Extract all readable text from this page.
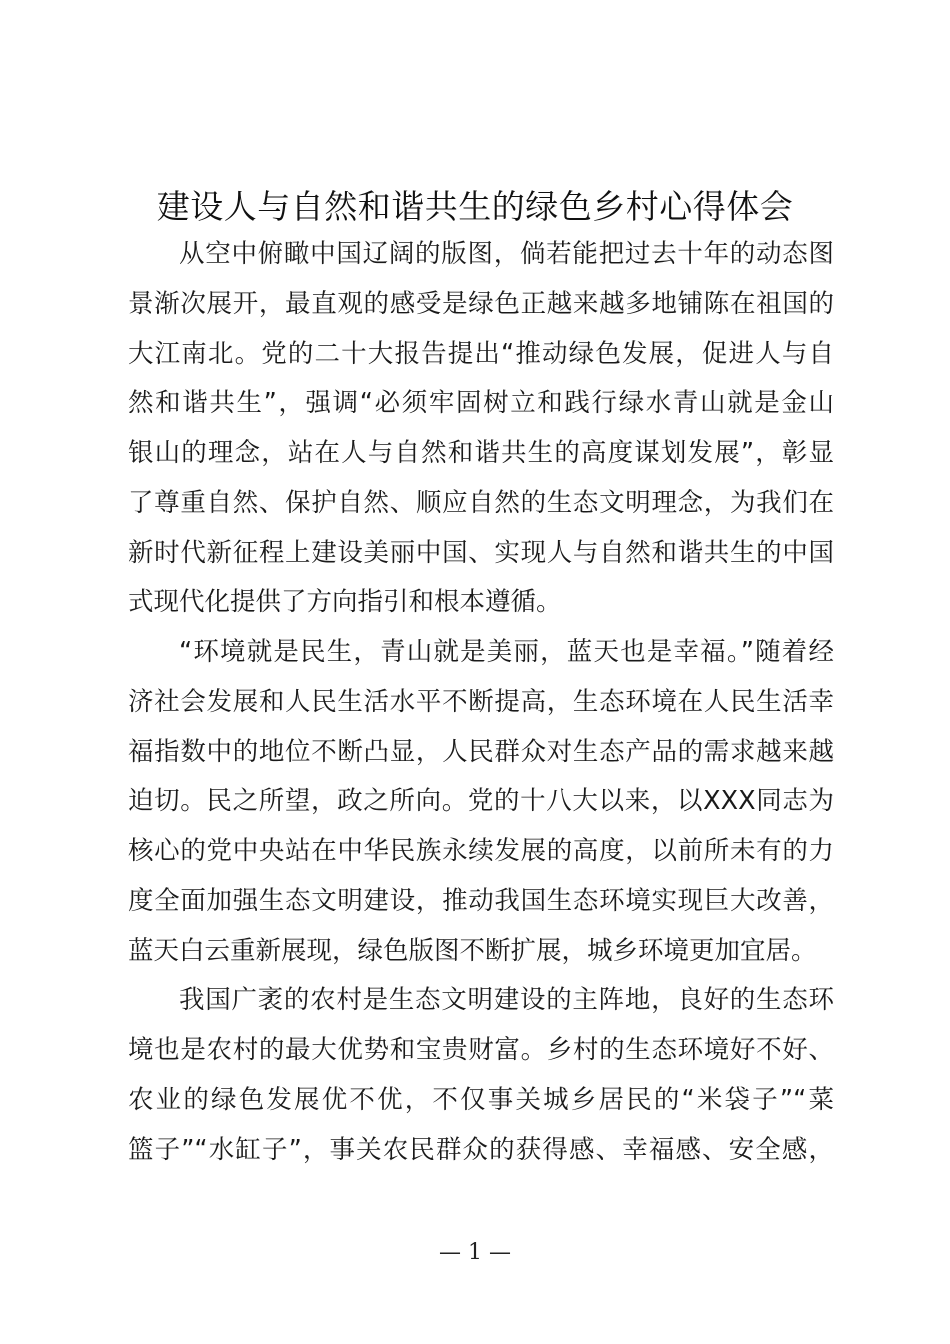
建设人与自然和谐共生的绿色乡村心得体会
从空中俯瞰中国辽阔的版图，倘若能把过去十年的动态图
景渐次展开，最直观的感受是绿色正越来越多地铺陈在祖国的
大江南北。党的二十大报告提出“推动绿色发展，促进人与自
然和谐共生”，强调“必须牢固树立和践行绿水青山就是金山
银山的理念，站在人与自然和谐共生的高度谋划发展”，彰显
了尊重自然、保护自然、顺应自然的生态文明理念，为我们在
新时代新征程上建设美丽中国、实现人与自然和谐共生的中国
式现代化提供了方向指引和根本遵循。
“环境就是民生，青山就是美丽，蓝天也是幸福。”随着经
济社会发展和人民生活水平不断提高，生态环境在人民生活幸
福指数中的地位不断凸显，人民群众对生态产品的需求越来越
迫切。民之所望，政之所向。党的十八大以来，以XXX同志为
核心的党中央站在中华民族永续发展的高度，以前所未有的力
度全面加强生态文明建设，推动我国生态环境实现巨大改善，
蓝天白云重新展现，绿色版图不断扩展，城乡环境更加宜居。
我国广袤的农村是生态文明建设的主阵地，良好的生态环
境也是农村的最大优势和宝贵财富。乡村的生态环境好不好、
农业的绿色发展优不优，不仅事关城乡居民的“米袋子”“菜
篮子”“水缸子”，事关农民群众的获得感、幸福感、安全感，
— 1 —
